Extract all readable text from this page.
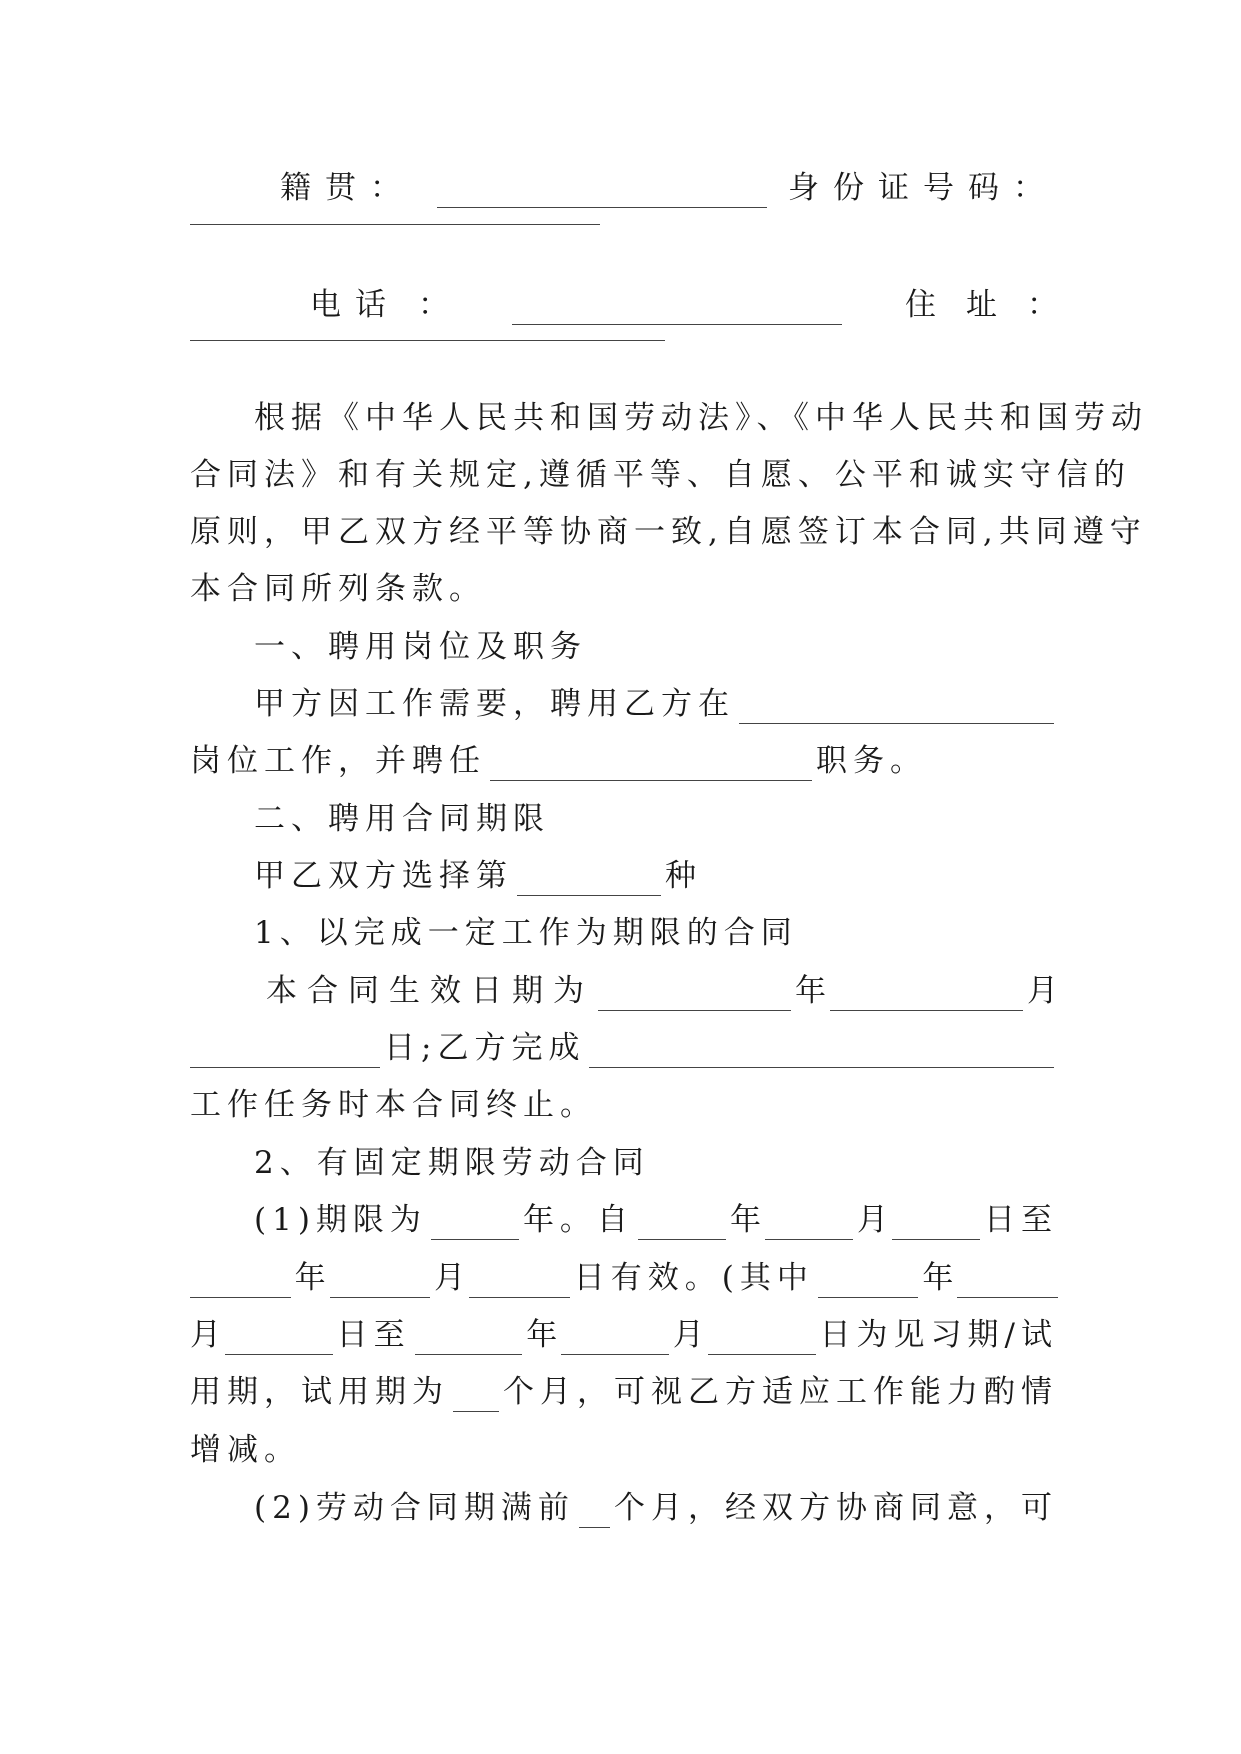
籍贯：	身份证号码：
电话 ：	住址：
根据《中华人民共和国劳动法》、《中华人民共和国劳动
合同法》和有关规定,遵循平等、自愿、公平和诚实守信的
原则，甲乙双方经平等协商一致,自愿签订本合同,共同遵守
本合同所列条款。
一、聘用岗位及职务
甲方因工作需要，聘用乙方在
岗位工作，并聘任	职务。
二、聘用合同期限
甲乙双方选择第	种
1、以完成一定工作为期限的合同
本合同生效日期为	年	月
日;乙方完成
工作任务时本合同终止。
2、有固定期限劳动合同
(1)期限为	年。自	年	月	日至
年	月	日有效。(其中	年
月	日至	年	月	日为见习期/试
用期，试用期为 个月，可视乙方适应工作能力酌情
增减。
(2)劳动合同期满前 个月，经双方协商同意，可
